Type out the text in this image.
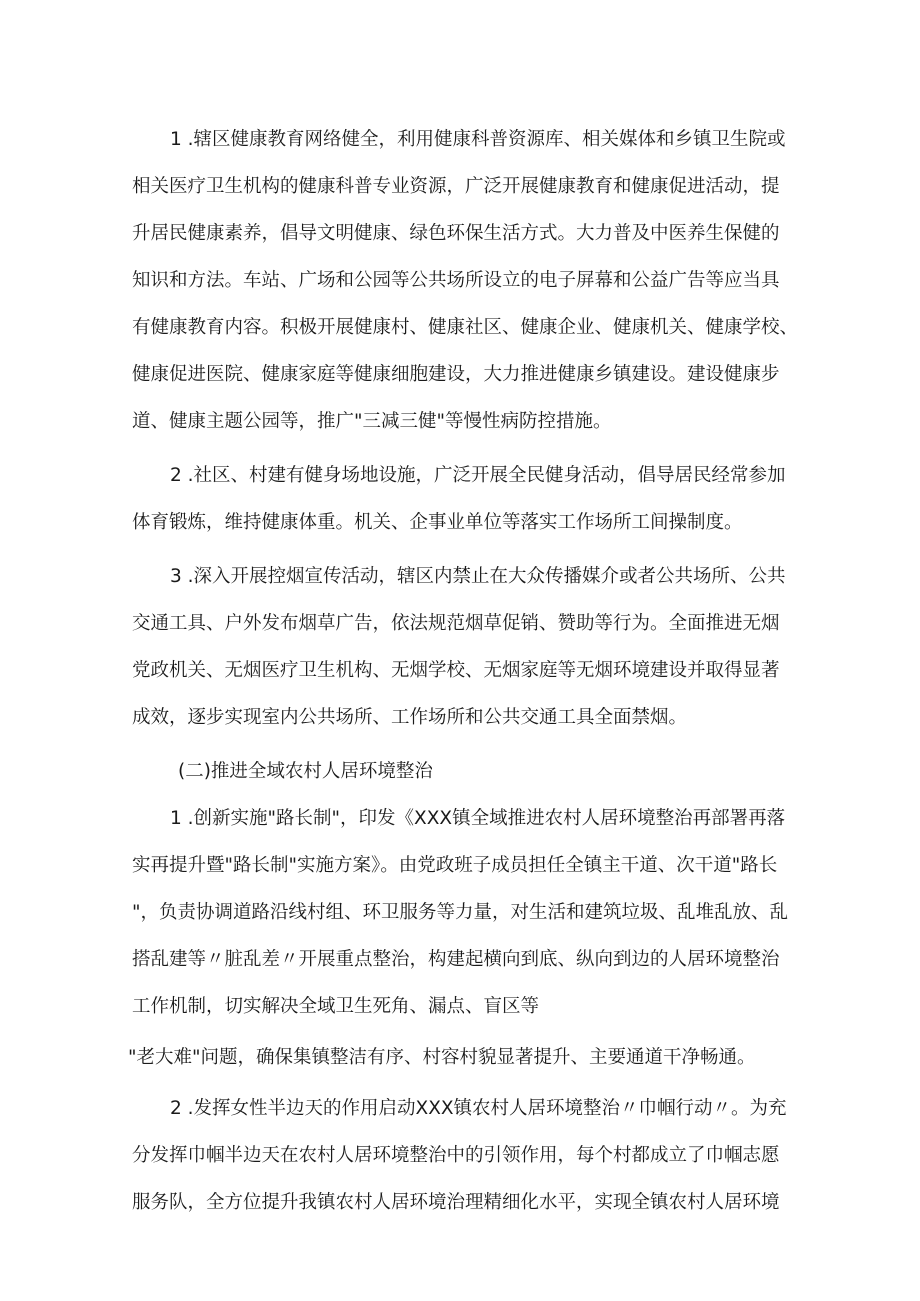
1 .辖区健康教育网络健全，利用健康科普资源库、相关媒体和乡镇卫生院或
相关医疗卫生机构的健康科普专业资源，广泛开展健康教育和健康促进活动，提
升居民健康素养，倡导文明健康、绿色环保生活方式。大力普及中医养生保健的
知识和方法。车站、广场和公园等公共场所设立的电子屏幕和公益广告等应当具
有健康教育内容。积极开展健康村、健康社区、健康企业、健康机关、健康学校、
健康促进医院、健康家庭等健康细胞建设，大力推进健康乡镇建设。建设健康步
道、健康主题公园等，推广"三减三健"等慢性病防控措施。
2 .社区、村建有健身场地设施，广泛开展全民健身活动，倡导居民经常参加
体育锻炼，维持健康体重。机关、企事业单位等落实工作场所工间操制度。
3 .深入开展控烟宣传活动，辖区内禁止在大众传播媒介或者公共场所、公共
交通工具、户外发布烟草广告，依法规范烟草促销、赞助等行为。全面推进无烟
党政机关、无烟医疗卫生机构、无烟学校、无烟家庭等无烟环境建设并取得显著
成效，逐步实现室内公共场所、工作场所和公共交通工具全面禁烟。
(二)推进全域农村人居环境整治
1 .创新实施"路长制"，印发《XXX镇全域推进农村人居环境整治再部署再落
实再提升暨"路长制"实施方案》。由党政班子成员担任全镇主干道、次干道"路长
"，负责协调道路沿线村组、环卫服务等力量，对生活和建筑垃圾、乱堆乱放、乱
搭乱建等〃脏乱差〃开展重点整治，构建起横向到底、纵向到边的人居环境整治
工作机制，切实解决全域卫生死角、漏点、盲区等
"老大难"问题，确保集镇整洁有序、村容村貌显著提升、主要通道干净畅通。
2 .发挥女性半边天的作用启动XXX镇农村人居环境整治〃巾帼行动〃。为充
分发挥巾帼半边天在农村人居环境整治中的引领作用，每个村都成立了巾帼志愿
服务队，全方位提升我镇农村人居环境治理精细化水平，实现全镇农村人居环境
